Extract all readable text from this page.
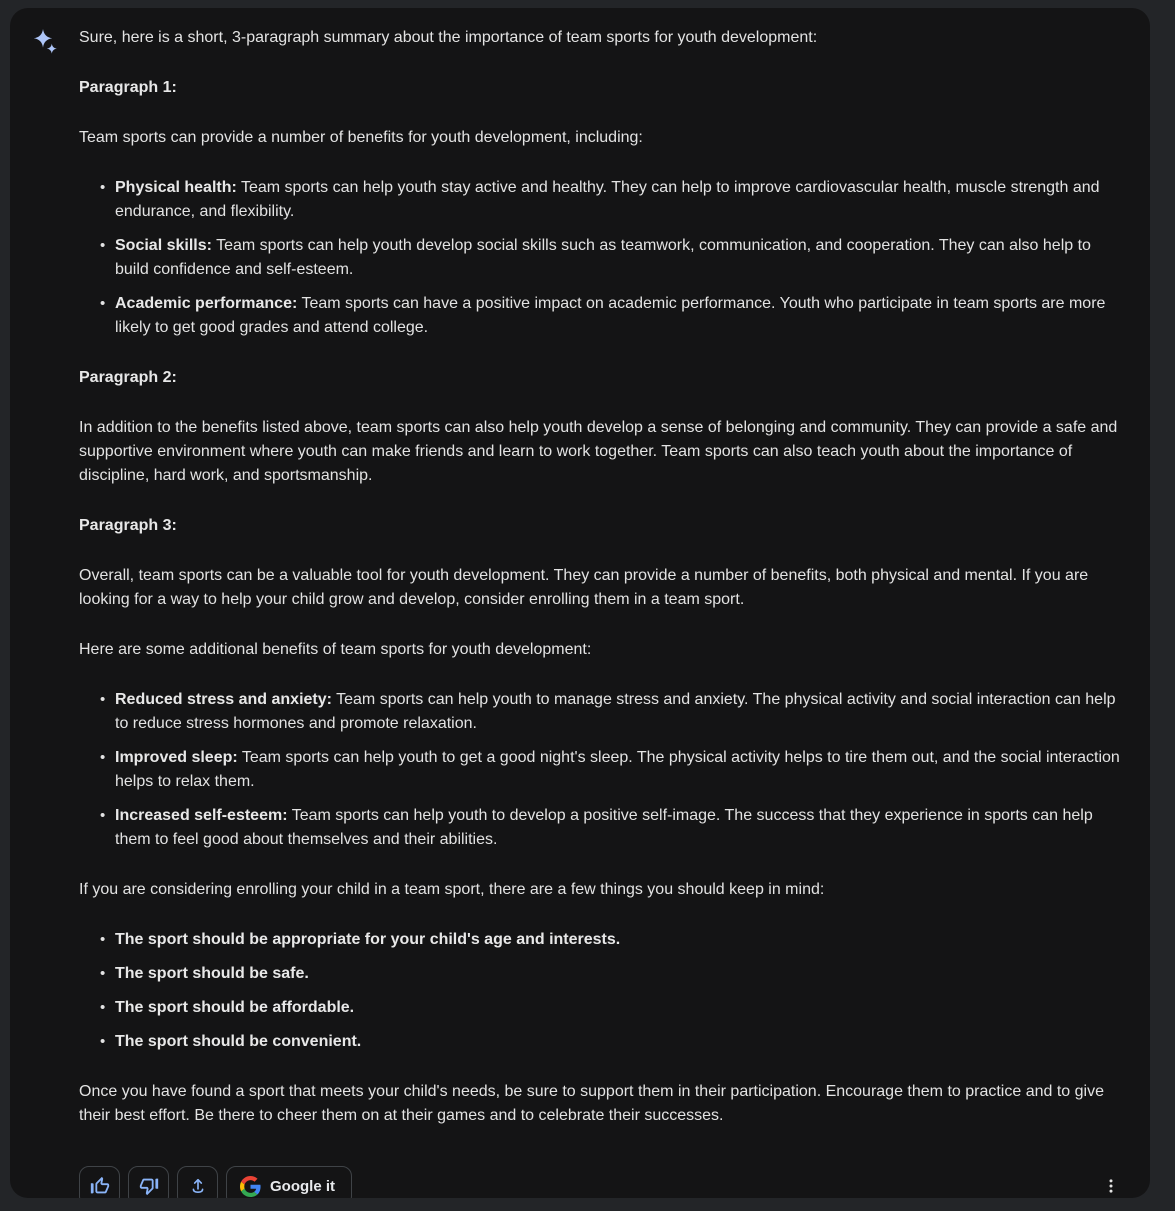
Sure, here is a short, 3-paragraph summary about the importance of team sports for youth development:

Paragraph 1:

Team sports can provide a number of benefits for youth development, including:

• Physical health: Team sports can help youth stay active and healthy. They can help to improve cardiovascular health, muscle strength and endurance, and flexibility.
• Social skills: Team sports can help youth develop social skills such as teamwork, communication, and cooperation. They can also help to build confidence and self-esteem.
• Academic performance: Team sports can have a positive impact on academic performance. Youth who participate in team sports are more likely to get good grades and attend college.

Paragraph 2:

In addition to the benefits listed above, team sports can also help youth develop a sense of belonging and community. They can provide a safe and supportive environment where youth can make friends and learn to work together. Team sports can also teach youth about the importance of discipline, hard work, and sportsmanship.

Paragraph 3:

Overall, team sports can be a valuable tool for youth development. They can provide a number of benefits, both physical and mental. If you are looking for a way to help your child grow and develop, consider enrolling them in a team sport.

Here are some additional benefits of team sports for youth development:

• Reduced stress and anxiety: Team sports can help youth to manage stress and anxiety. The physical activity and social interaction can help to reduce stress hormones and promote relaxation.
• Improved sleep: Team sports can help youth to get a good night's sleep. The physical activity helps to tire them out, and the social interaction helps to relax them.
• Increased self-esteem: Team sports can help youth to develop a positive self-image. The success that they experience in sports can help them to feel good about themselves and their abilities.

If you are considering enrolling your child in a team sport, there are a few things you should keep in mind:

• The sport should be appropriate for your child's age and interests.
• The sport should be safe.
• The sport should be affordable.
• The sport should be convenient.

Once you have found a sport that meets your child's needs, be sure to support them in their participation. Encourage them to practice and to give their best effort. Be there to cheer them on at their games and to celebrate their successes.

Google it
